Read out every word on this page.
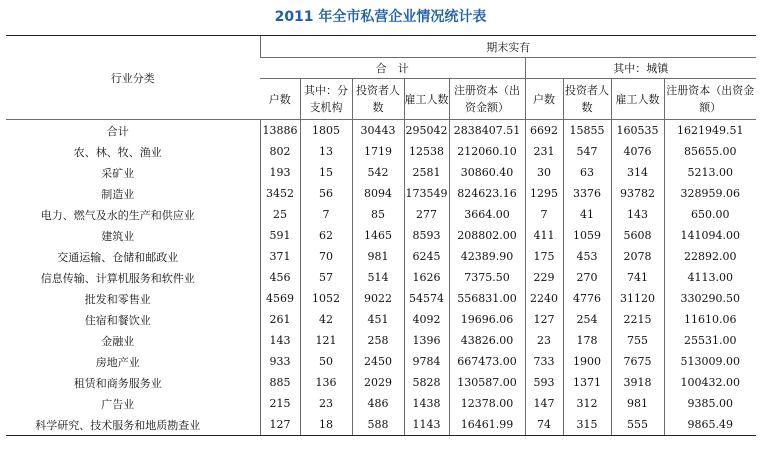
2011 年全市私营企业情况统计表
行业分类	期末实有								
	合　计					其中：城镇			
	户数	其中：分支机构	投资者人数	雇工人数	注册资本（出资金额）	户数	投资者人数	雇工人数	注册资本（出资金额）
合计	13886	1805	30443	295042	2838407.51	6692	15855	160535	1621949.51
农、林、牧、渔业	802	13	1719	12538	212060.10	231	547	4076	85655.00
采矿业	193	15	542	2581	30860.40	30	63	314	5213.00
制造业	3452	56	8094	173549	824623.16	1295	3376	93782	328959.06
电力、燃气及水的生产和供应业	25	7	85	277	3664.00	7	41	143	650.00
建筑业	591	62	1465	8593	208802.00	411	1059	5608	141094.00
交通运输、仓储和邮政业	371	70	981	6245	42389.90	175	453	2078	22892.00
信息传输、计算机服务和软件业	456	57	514	1626	7375.50	229	270	741	4113.00
批发和零售业	4569	1052	9022	54574	556831.00	2240	4776	31120	330290.50
住宿和餐饮业	261	42	451	4092	19696.06	127	254	2215	11610.06
金融业	143	121	258	1396	43826.00	23	178	755	25531.00
房地产业	933	50	2450	9784	667473.00	733	1900	7675	513009.00
租赁和商务服务业	885	136	2029	5828	130587.00	593	1371	3918	100432.00
广告业	215	23	486	1438	12378.00	147	312	981	9385.00
科学研究、技术服务和地质勘查业	127	18	588	1143	16461.99	74	315	555	9865.49
